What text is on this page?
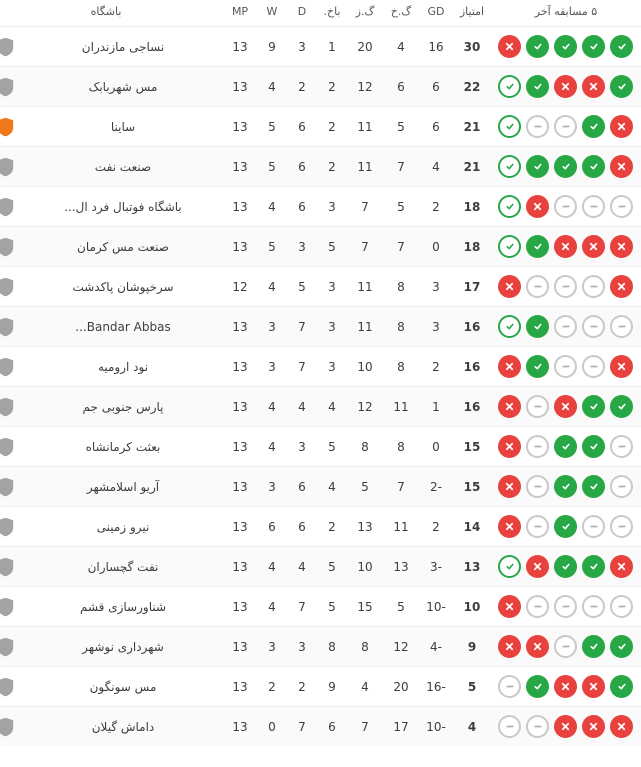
۵ مسابقه آخر	امتیاز	GD	گ.خ	گ.ز	باخ.	D	W	MP	باشگاه		

	30	16	4	20	1	3	9	13	نساجی مازندران	

	22	6	6	12	2	2	4	13	مس شهربابک	

	21	6	5	11	2	6	5	13	ساینا	

	21	4	7	11	2	6	5	13	صنعت نفت	

	18	2	5	7	3	6	4	13	باشگاه فوتبال فرد ال...	

	18	0	7	7	5	3	5	13	صنعت مس کرمان	

	17	3	8	11	3	5	4	12	سرخپوشان پاکدشت	

	16	3	8	11	3	7	3	13	Bandar Abbas...	

	16	2	8	10	3	7	3	13	نود ارومیه	

	16	1	11	12	4	4	4	13	پارس جنوبی جم	

	15	0	8	8	5	3	4	13	بعثت کرمانشاه	

	15	-2	7	5	4	6	3	13	آریو اسلامشهر	

	14	2	11	13	2	6	6	13	نیرو زمینی	

	13	-3	13	10	5	4	4	13	نفت گچساران	

	10	-10	5	15	5	7	4	13	شناورسازی قشم	

	9	-4	12	8	8	3	3	13	شهرداری نوشهر	

	5	-16	20	4	9	2	2	13	مس سونگون	

	4	-10	17	7	6	7	0	13	داماش گیلان	
